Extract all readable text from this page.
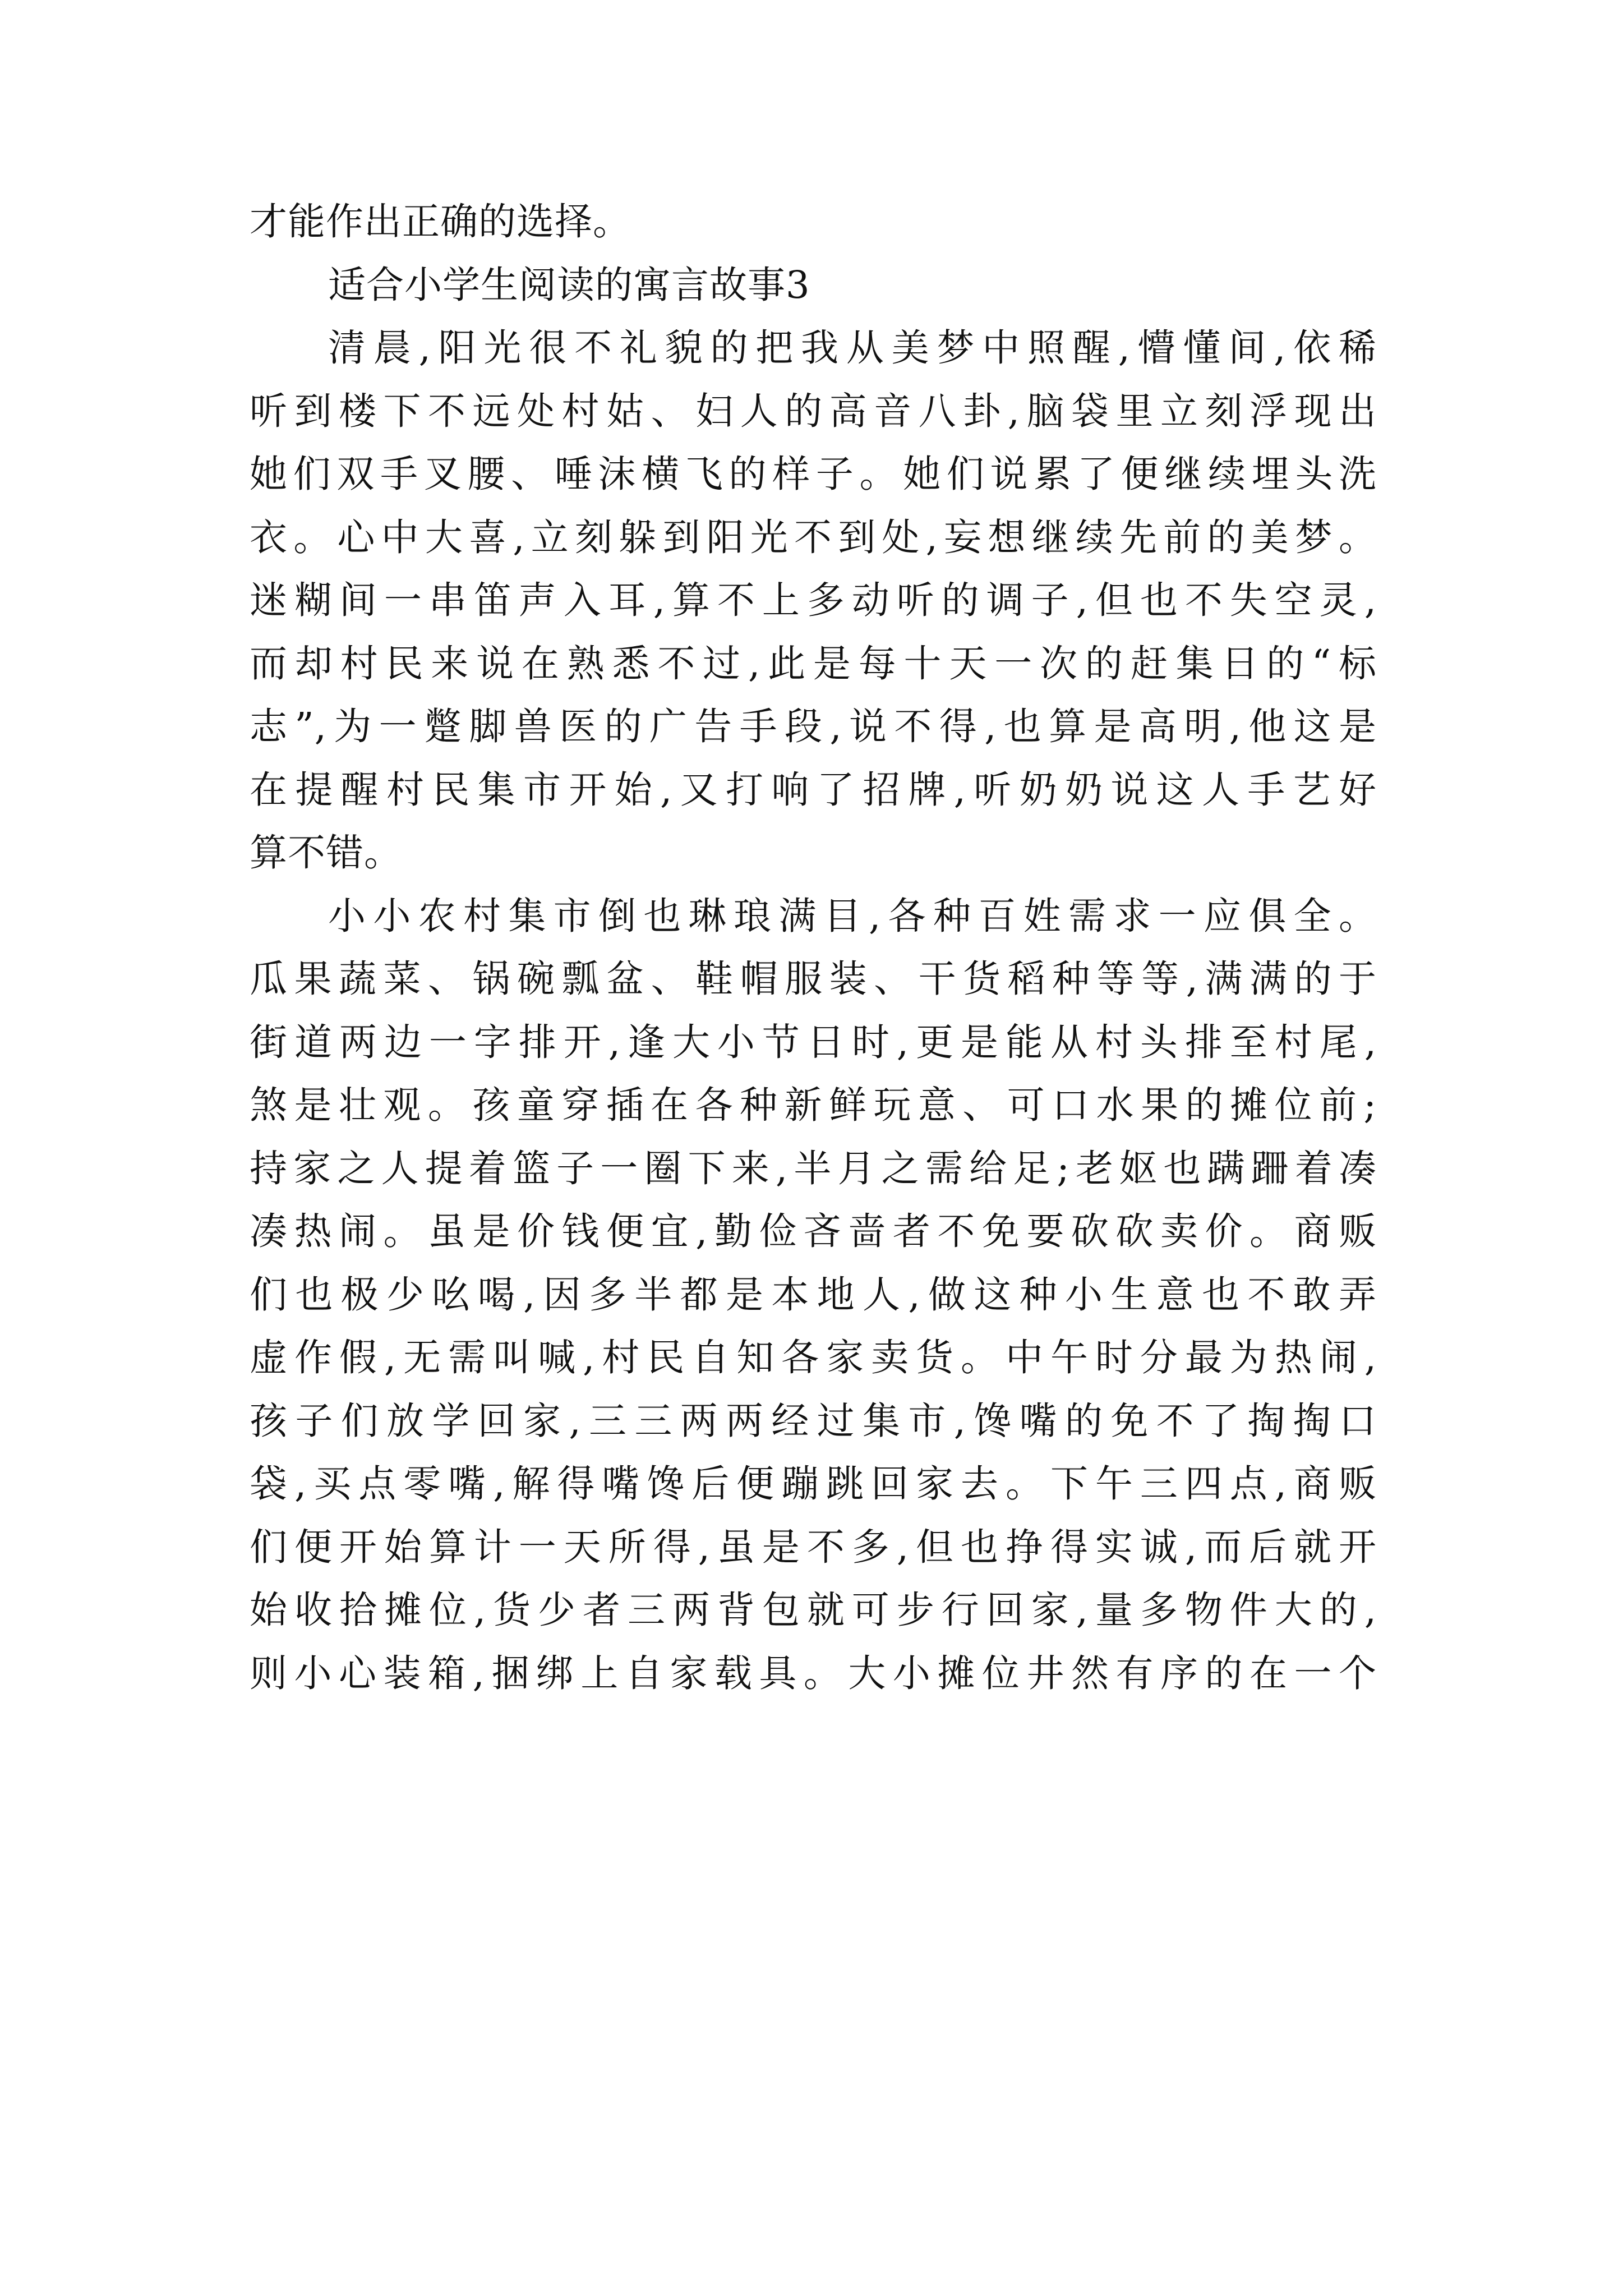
才能作出正确的选择。
适合小学生阅读的寓言故事3
清晨,阳光很不礼貌的把我从美梦中照醒,懵懂间,依稀
听到楼下不远处村姑、妇人的高音八卦,脑袋里立刻浮现出
她们双手叉腰、唾沫横飞的样子。她们说累了便继续埋头洗
衣。心中大喜,立刻躲到阳光不到处,妄想继续先前的美梦。
迷糊间一串笛声入耳,算不上多动听的调子,但也不失空灵,
而却村民来说在熟悉不过,此是每十天一次的赶集日的“标
志”,为一蹩脚兽医的广告手段,说不得,也算是高明,他这是
在提醒村民集市开始,又打响了招牌,听奶奶说这人手艺好
算不错。
小小农村集市倒也琳琅满目,各种百姓需求一应俱全。
瓜果蔬菜、锅碗瓢盆、鞋帽服装、干货稻种等等,满满的于
街道两边一字排开,逢大小节日时,更是能从村头排至村尾,
煞是壮观。孩童穿插在各种新鲜玩意、可口水果的摊位前;
持家之人提着篮子一圈下来,半月之需给足;老妪也蹒跚着凑
凑热闹。虽是价钱便宜,勤俭吝啬者不免要砍砍卖价。商贩
们也极少吆喝,因多半都是本地人,做这种小生意也不敢弄
虚作假,无需叫喊,村民自知各家卖货。中午时分最为热闹,
孩子们放学回家,三三两两经过集市,馋嘴的免不了掏掏口
袋,买点零嘴,解得嘴馋后便蹦跳回家去。下午三四点,商贩
们便开始算计一天所得,虽是不多,但也挣得实诚,而后就开
始收拾摊位,货少者三两背包就可步行回家,量多物件大的,
则小心装箱,捆绑上自家载具。大小摊位井然有序的在一个
